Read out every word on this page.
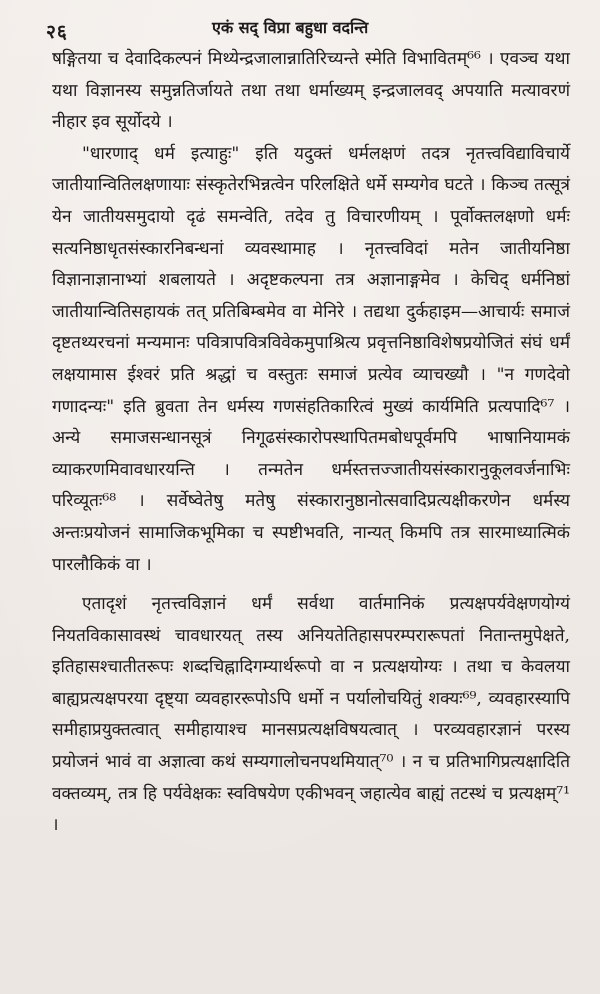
२६	एकं सद् विप्रा बहुधा वदन्ति

षङ्गितया च देवादिकल्पनं मिथ्येन्द्रजालान्नातिरिच्यन्ते स्मेति विभावितम्⁶⁶ । एवञ्च यथा यथा विज्ञानस्य समुन्नतिर्जायते तथा तथा धर्माख्यम् इन्द्रजालवद् अपयाति मत्यावरणं नीहार इव सूर्योदये ।

"धारणाद् धर्म इत्याहुः" इति यदुक्तं धर्मलक्षणं तदत्र नृतत्त्वविद्याविचार्ये जातीयान्वितिलक्षणायाः संस्कृतेरभिन्नत्वेन परिलक्षिते धर्मे सम्यगेव घटते । किञ्च तत्सूत्रं येन जातीयसमुदायो दृढं समन्वेति, तदेव तु विचारणीयम् । पूर्वोक्तलक्षणो धर्मः सत्यनिष्ठाधृतसंस्कारनिबन्धनां व्यवस्थामाह । नृतत्त्वविदां मतेन जातीयनिष्ठा विज्ञानाज्ञानाभ्यां शबलायते । अदृष्टकल्पना तत्र अज्ञानाङ्गमेव । केचिद् धर्मनिष्ठां जातीयान्वितिसहायकं तत् प्रतिबिम्बमेव वा मेनिरे । तद्यथा दुर्कहाइम—आचार्यः समाजं दृष्टतथ्यरचनां मन्यमानः पवित्रापवित्रविवेकमुपाश्रित्य प्रवृत्तनिष्ठाविशेषप्रयोजितं संघं धर्मं लक्षयामास ईश्वरं प्रति श्रद्धां च वस्तुतः समाजं प्रत्येव व्याचख्यौ । "न गणदेवो गणादन्यः" इति ब्रुवता तेन धर्मस्य गणसंहतिकारित्वं मुख्यं कार्यमिति प्रत्यपादि⁶⁷ । अन्ये समाजसन्धानसूत्रं निगूढसंस्कारोपस्थापितमबोधपूर्वमपि भाषानियामकं व्याकरणमिवावधारयन्ति । तन्मतेन धर्मस्तत्तज्जातीयसंस्कारानुकूलवर्जनाभिः परिव्यूतः⁶⁸ । सर्वेष्वेतेषु मतेषु संस्कारानुष्ठानोत्सवादिप्रत्यक्षीकरणेन धर्मस्य अन्तःप्रयोजनं सामाजिकभूमिका च स्पष्टीभवति, नान्यत् किमपि तत्र सारमाध्यात्मिकं पारलौकिकं वा ।

एतादृशं नृतत्त्वविज्ञानं धर्मं सर्वथा वार्तमानिकं प्रत्यक्षपर्यवेक्षणयोग्यं नियतविकासावस्थं चावधारयत् तस्य अनियतेतिहासपरम्परारूपतां नितान्तमुपेक्षते, इतिहासश्चातीतरूपः शब्दचिह्नादिगम्यार्थरूपो वा न प्रत्यक्षयोग्यः । तथा च केवलया बाह्यप्रत्यक्षपरया दृष्ट्या व्यवहाररूपोऽपि धर्मो न पर्यालोचयितुं शक्यः⁶⁹, व्यवहारस्यापि समीहाप्रयुक्तत्वात् समीहायाश्च मानसप्रत्यक्षविषयत्वात् । परव्यवहारज्ञानं परस्य प्रयोजनं भावं वा अज्ञात्वा कथं सम्यगालोचनपथमियात्⁷⁰ । न च प्रतिभागिप्रत्यक्षादिति वक्तव्यम्, तत्र हि पर्यवेक्षकः स्वविषयेण एकीभवन् जहात्येव बाह्यं तटस्थं च प्रत्यक्षम्⁷¹ ।
